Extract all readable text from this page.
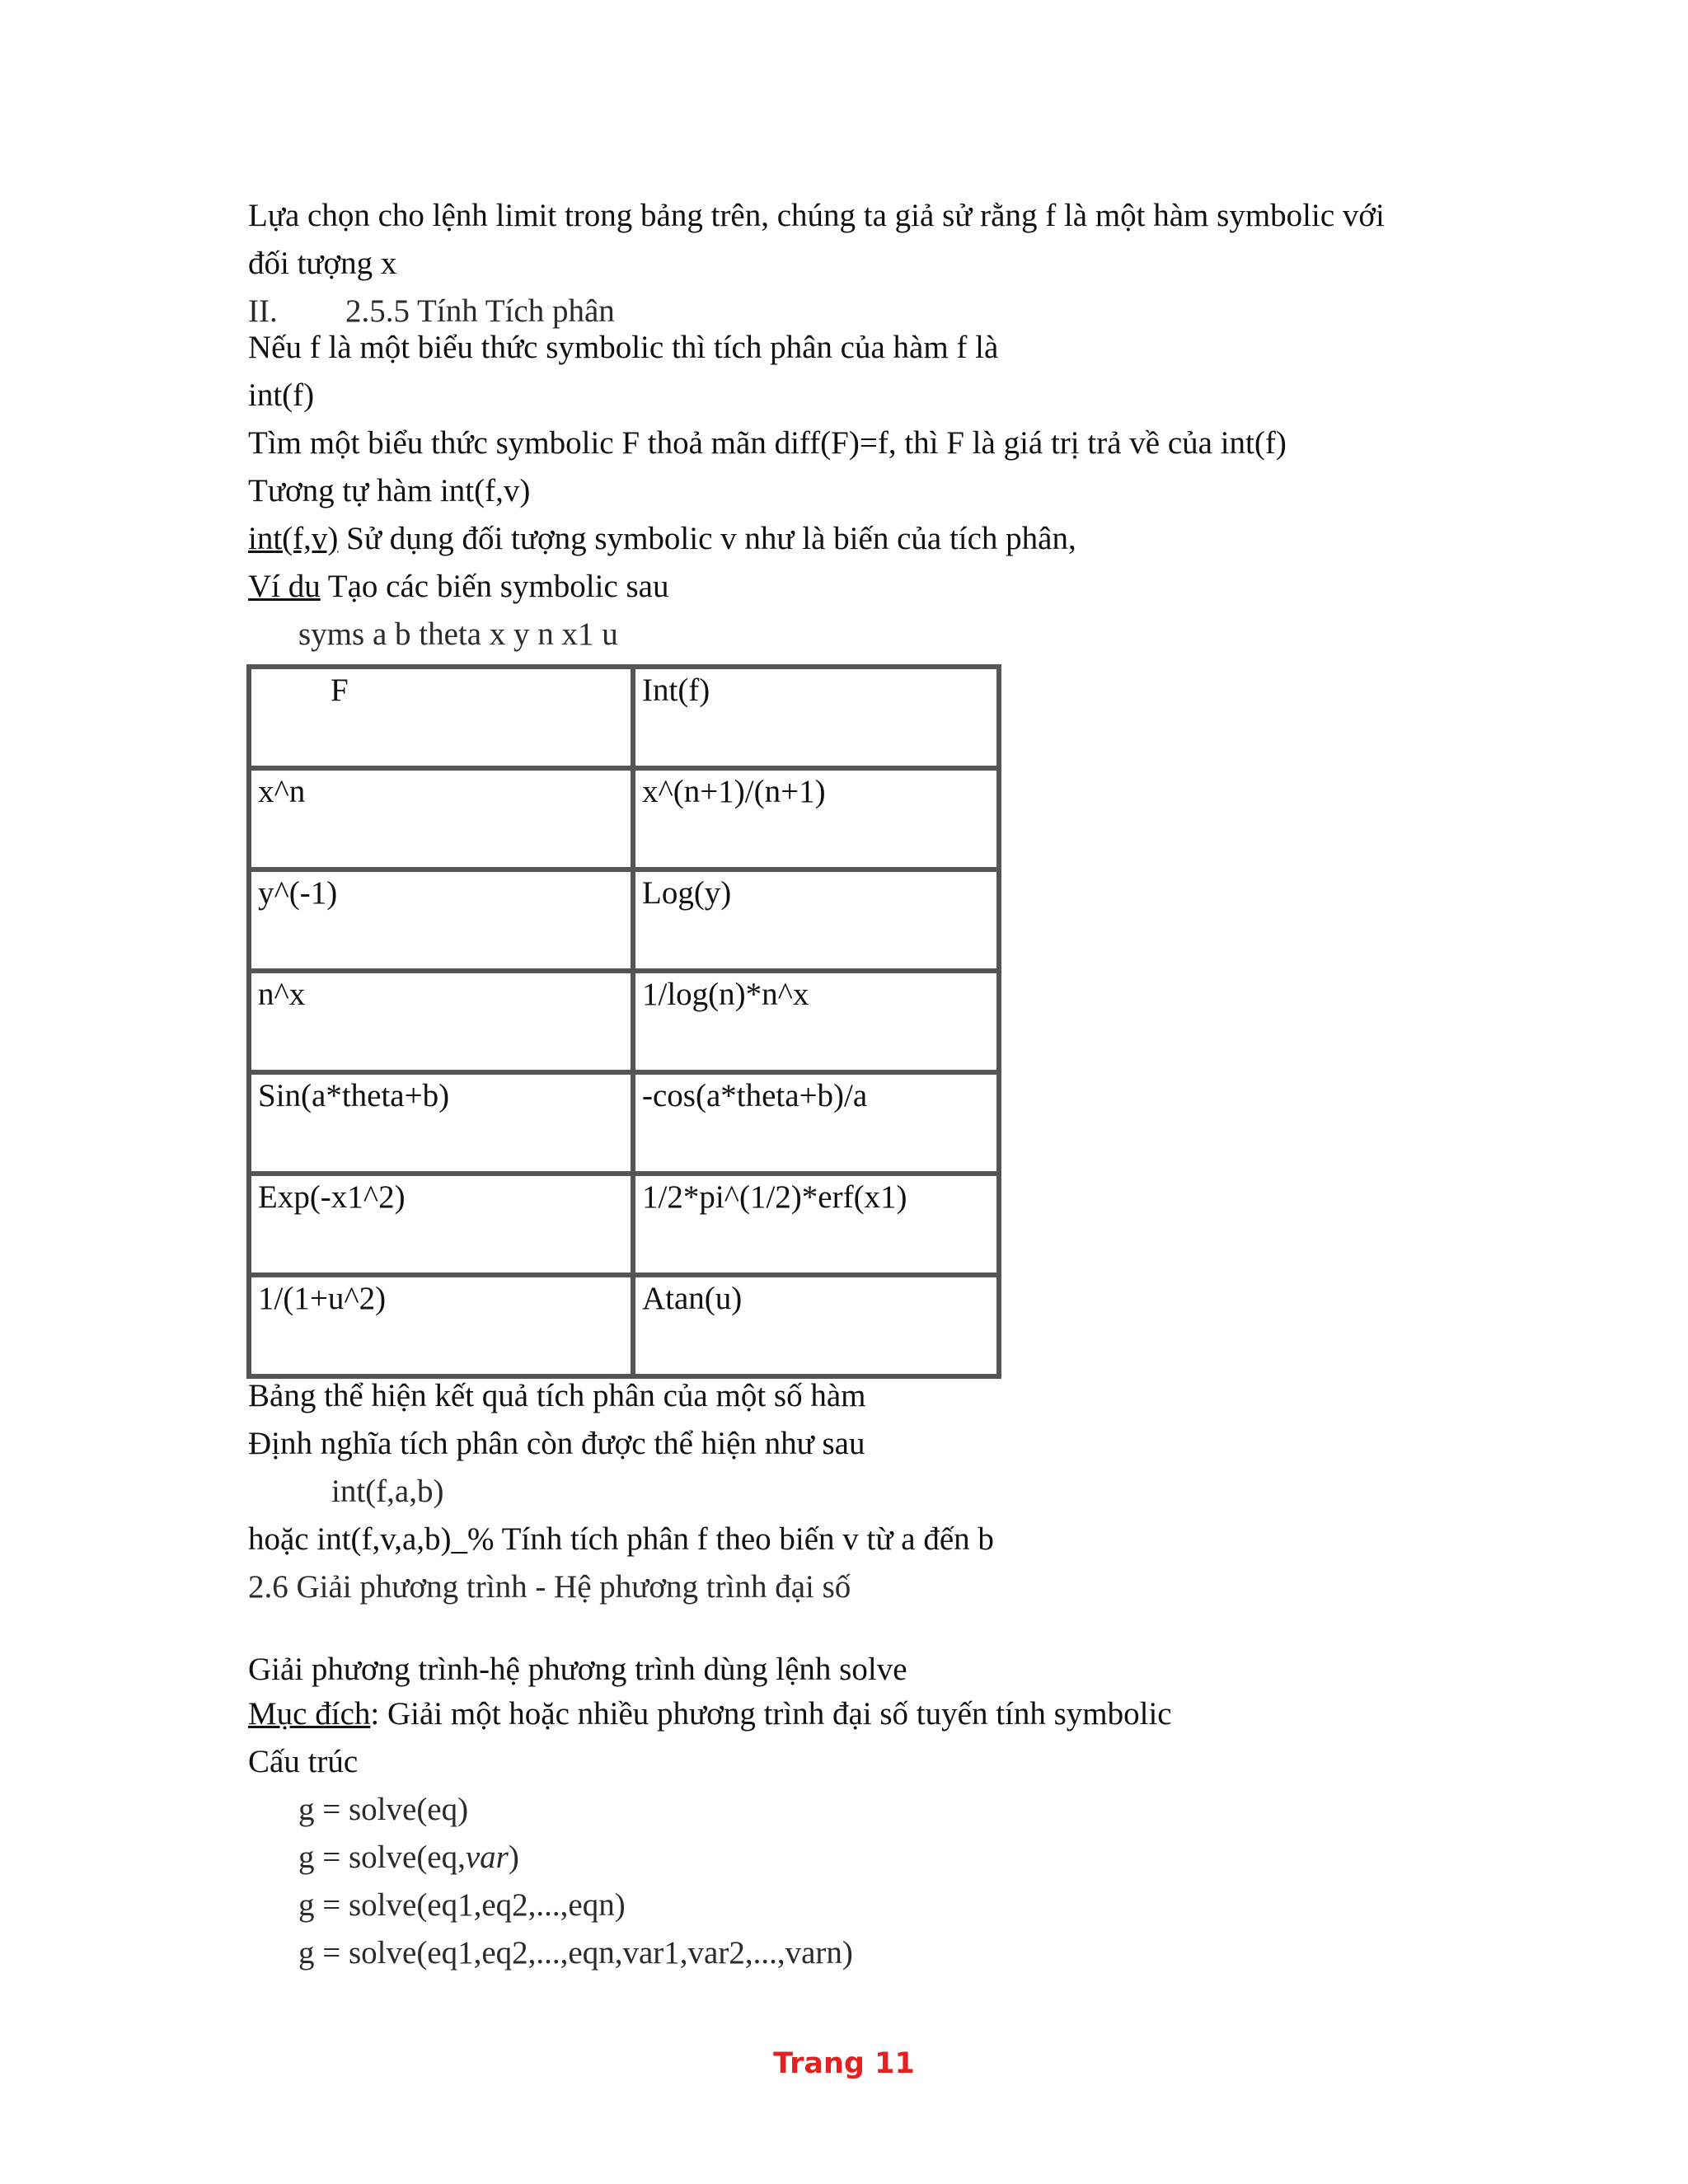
Lựa chọn cho lệnh limit trong bảng trên, chúng ta giả sử rằng f là một hàm symbolic với
đối tượng x
II. 2.5.5 Tính Tích phân
Nếu f là một biểu thức symbolic thì tích phân của hàm f là
int(f)
Tìm một biểu thức symbolic F thoả mãn diff(F)=f, thì F là giá trị trả về của int(f)
Tương tự hàm int(f,v)
int(f,v) Sử dụng đối tượng symbolic v như là biến của tích phân,
Ví du Tạo các biến symbolic sau
syms a b theta x y n x1 u
F	Int(f)
x^n	x^(n+1)/(n+1)
y^(-1)	Log(y)
n^x	1/log(n)*n^x
Sin(a*theta+b)	-cos(a*theta+b)/a
Exp(-x1^2)	1/2*pi^(1/2)*erf(x1)
1/(1+u^2)	Atan(u)
Bảng thể hiện kết quả tích phân của một số hàm
Định nghĩa tích phân còn được thể hiện như sau
int(f,a,b)
hoặc int(f,v,a,b)_% Tính tích phân f theo biến v từ a đến b
2.6 Giải phương trình - Hệ phương trình đại số
Giải phương trình-hệ phương trình dùng lệnh solve
Mục đích: Giải một hoặc nhiều phương trình đại số tuyến tính symbolic
Cấu trúc
g = solve(eq)
g = solve(eq,var)
g = solve(eq1,eq2,...,eqn)
g = solve(eq1,eq2,...,eqn,var1,var2,...,varn)
Trang 11
